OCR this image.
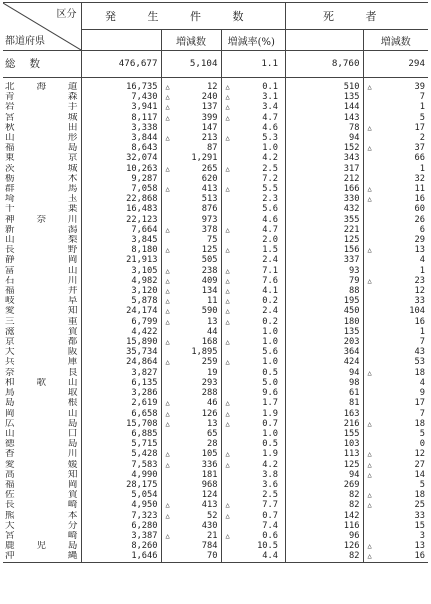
区分
都道府県	発 生 件 数				死 者	
		増減数	増減率(%)			増減数
総数	476,677	5,104	1.1		8,760	294

北海道	16,735	△ 12	△ 0.1		510	△ 39
青森	7,430	△ 240	△ 3.1		135	7
岩手	3,941	△ 137	△ 3.4		144	1
宮城	8,117	△ 399	△ 4.7		143	5
秋田	3,338	147	4.6		78	△ 17
山形	3,844	△ 213	△ 5.3		94	2
福島	8,643	87	1.0		152	△ 37
東京	32,074	1,291	4.2		343	66
茨城	10,263	△ 265	△ 2.5		317	1
栃木	9,287	620	7.2		212	32
群馬	7,058	△ 413	△ 5.5		166	△ 11
埼玉	22,868	513	2.3		330	△ 16
千葉	16,483	876	5.6		432	60
神奈川	22,123	973	4.6		355	26
新潟	7,664	△ 378	△ 4.7		221	6
山梨	3,845	75	2.0		125	29
長野	8,180	△ 125	△ 1.5		156	△ 13
静岡	21,913	505	2.4		337	4
富山	3,105	△ 238	△ 7.1		93	1
石川	4,982	△ 409	△ 7.6		79	△ 23
福井	3,120	△ 134	△ 4.1		88	12
岐阜	5,878	△ 11	△ 0.2		195	33
愛知	24,174	△ 590	△ 2.4		450	104
三重	6,799	△ 13	△ 0.2		180	16
滋賀	4,422	44	1.0		135	1
京都	15,890	△ 168	△ 1.0		203	7
大阪	35,734	1,895	5.6		364	43
兵庫	24,864	△ 259	△ 1.0		424	53
奈良	3,827	19	0.5		94	△ 18
和歌山	6,135	293	5.0		98	4
鳥取	3,286	288	9.6		61	9
島根	2,619	△ 46	△ 1.7		81	17
岡山	6,658	△ 126	△ 1.9		163	7
広島	15,708	△ 13	△ 0.7		216	△ 18
山口	6,885	65	1.0		155	5
徳島	5,715	28	0.5		103	0
香川	5,428	△ 105	△ 1.9		113	△ 12
愛媛	7,583	△ 336	△ 4.2		125	△ 27
高知	4,990	181	3.8		94	△ 14
福岡	28,175	968	3.6		269	5
佐賀	5,054	124	2.5		82	△ 18
長崎	4,950	△ 413	△ 7.7		82	△ 25
熊本	7,323	△ 52	△ 0.7		142	33
大分	6,280	430	7.4		116	15
宮崎	3,387	△ 21	△ 0.6		96	3
鹿児島	8,260	784	10.5		126	△ 13
沖縄	1,646	70	4.4		82	△ 16
